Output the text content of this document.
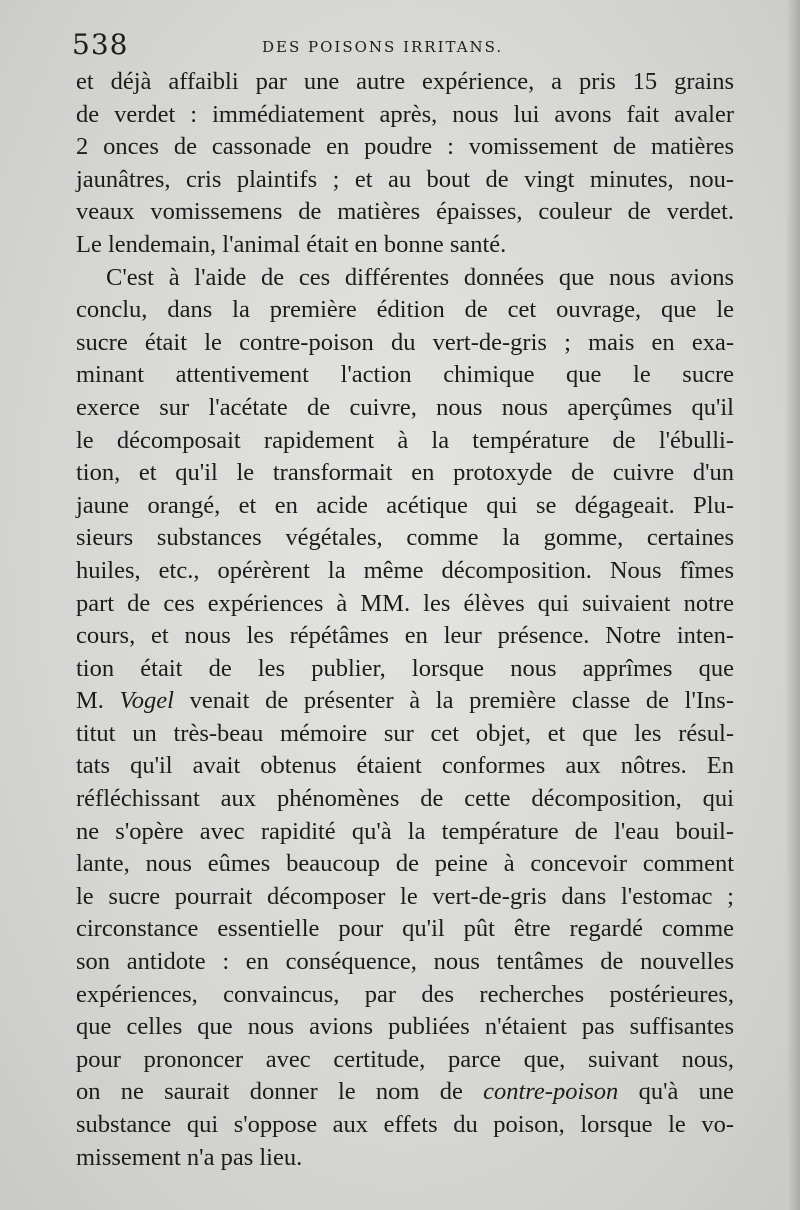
538	DES POISONS IRRITANS.
et déjà affaibli par une autre expérience, a pris 15 grains
de verdet : immédiatement après, nous lui avons fait avaler
2 onces de cassonade en poudre : vomissement de matières
jaunâtres, cris plaintifs ; et au bout de vingt minutes, nou-
veaux vomissemens de matières épaisses, couleur de verdet.
Le lendemain, l'animal était en bonne santé.
C'est à l'aide de ces différentes données que nous avions
conclu, dans la première édition de cet ouvrage, que le
sucre était le contre-poison du vert-de-gris ; mais en exa-
minant attentivement l'action chimique que le sucre
exerce sur l'acétate de cuivre, nous nous aperçûmes qu'il
le décomposait rapidement à la température de l'ébulli-
tion, et qu'il le transformait en protoxyde de cuivre d'un
jaune orangé, et en acide acétique qui se dégageait. Plu-
sieurs substances végétales, comme la gomme, certaines
huiles, etc., opérèrent la même décomposition. Nous fîmes
part de ces expériences à MM. les élèves qui suivaient notre
cours, et nous les répétâmes en leur présence. Notre inten-
tion était de les publier, lorsque nous apprîmes que
M. Vogel venait de présenter à la première classe de l'Ins-
titut un très-beau mémoire sur cet objet, et que les résul-
tats qu'il avait obtenus étaient conformes aux nôtres. En
réfléchissant aux phénomènes de cette décomposition, qui
ne s'opère avec rapidité qu'à la température de l'eau bouil-
lante, nous eûmes beaucoup de peine à concevoir comment
le sucre pourrait décomposer le vert-de-gris dans l'estomac ;
circonstance essentielle pour qu'il pût être regardé comme
son antidote : en conséquence, nous tentâmes de nouvelles
expériences, convaincus, par des recherches postérieures,
que celles que nous avions publiées n'étaient pas suffisantes
pour prononcer avec certitude, parce que, suivant nous,
on ne saurait donner le nom de contre-poison qu'à une
substance qui s'oppose aux effets du poison, lorsque le vo-
missement n'a pas lieu.
